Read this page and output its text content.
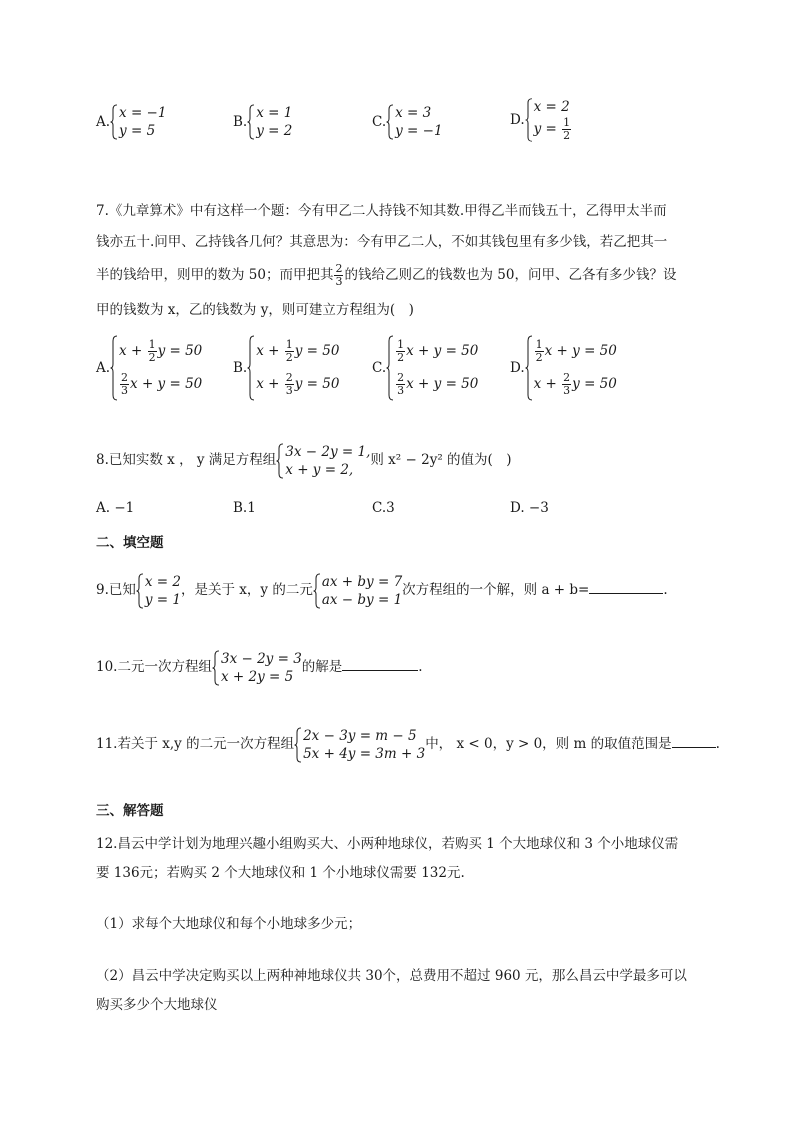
A.
x = −1
y = 5
B.
x = 1
y = 2
C.
x = 3
y = −1
D.
x = 2
$y = \frac{1}{2}$
7.《九章算术》中有这样一个题：今有甲乙二人持钱不知其数.甲得乙半而钱五十，乙得甲太半而
钱亦五十.问甲、乙持钱各几何？其意思为：今有甲乙二人，不如其钱包里有多少钱，若乙把其一
半的钱给甲，则甲的数为 50；而甲把其 $\frac{2}{3}$ 的钱给乙则乙的钱数也为 50，问甲、乙各有多少钱？设
甲的钱数为 x，乙的钱数为 y，则可建立方程组为(　)
A.
$x + \frac{1}{2}$ y = 50
$\frac{2}{3}$ x + y = 50
B.
$x + \frac{1}{2}$ y = 50
$x + \frac{2}{3}$ y = 50
C.
$\frac{1}{2}$ x + y = 50
$\frac{2}{3}$ x + y = 50
D.
$\frac{1}{2}$ x + y = 50
$x + \frac{2}{3}$ y = 50
8.已知实数 x ， y 满足方程组
3x − 2y = 1,
x + y = 2,
则 x² − 2y² 的值为(　)
A. −1	B.1	C.3	D. −3
二、填空题
9.已知
x = 2
y = 1
，是关于 x，y 的二元
ax + by = 7
ax − by = 1
次方程组的一个解，则 a + b=	.
10.二元一次方程组
3x − 2y = 3
x + 2y = 5
的解是	.
11.若关于 x,y 的二元一次方程组
2x − 3y = m − 5
5x + 4y = 3m + 3
中， x < 0，y > 0，则 m 的取值范围是	.
三、解答题
12.昌云中学计划为地理兴趣小组购买大、小两种地球仪，若购买 1 个大地球仪和 3 个小地球仪需
要 136元；若购买 2 个大地球仪和 1 个小地球仪需要 132元.
（1）求每个大地球仪和每个小地球多少元；
（2）昌云中学决定购买以上两种神地球仪共 30个，总费用不超过 960 元，那么昌云中学最多可以
购买多少个大地球仪
